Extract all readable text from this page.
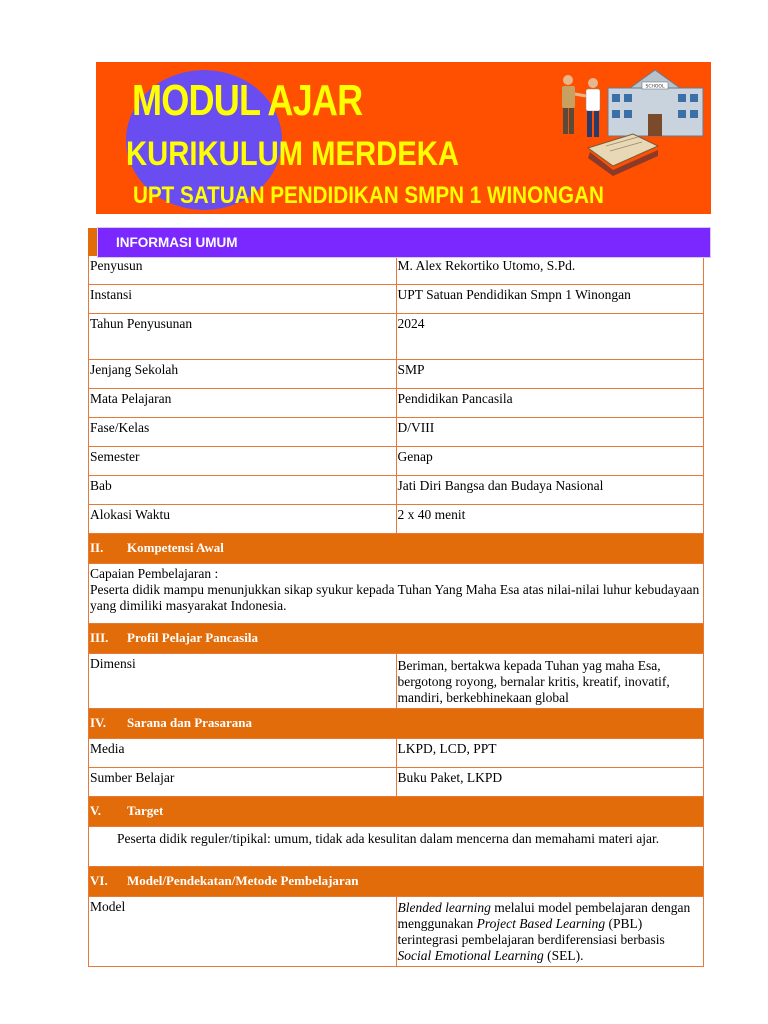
MODUL AJAR
KURIKULUM MERDEKA
UPT SATUAN PENDIDIKAN SMPN 1 WINONGAN
SCHOOL

Penyusun	M. Alex Rekortiko Utomo, S.Pd.
Instansi	UPT Satuan Pendidikan Smpn 1 Winongan
Tahun Penyusunan	2024
Jenjang Sekolah	SMP
Mata Pelajaran	Pendidikan Pancasila
Fase/Kelas	D/VIII
Semester	Genap
Bab	Jati Diri Bangsa dan Budaya Nasional
Alokasi Waktu	2 x 40 menit
II. Kompetensi Awal	

Capaian Pembelajaran :
Peserta didik mampu menunjukkan sikap syukur kepada Tuhan Yang Maha Esa atas nilai-nilai luhur kebudayaan yang dimiliki masyarakat Indonesia.	

III. Profil Pelajar Pancasila	
Dimensi	Beriman, bertakwa kepada Tuhan yag maha Esa, bergotong royong, bernalar kritis, kreatif, inovatif, mandiri, berkebhinekaan global
IV. Sarana dan Prasarana	
Media	LKPD, LCD, PPT
Sumber Belajar	Buku Paket, LKPD
V. Target	
Peserta didik reguler/tipikal: umum, tidak ada kesulitan dalam mencerna dan memahami materi ajar.	
VI. Model/Pendekatan/Metode Pembelajaran	
Model	Blended learning melalui model pembelajaran dengan menggunakan Project Based Learning (PBL) terintegrasi pembelajaran berdiferensiasi berbasis Social Emotional Learning (SEL).
INFORMASI UMUM
